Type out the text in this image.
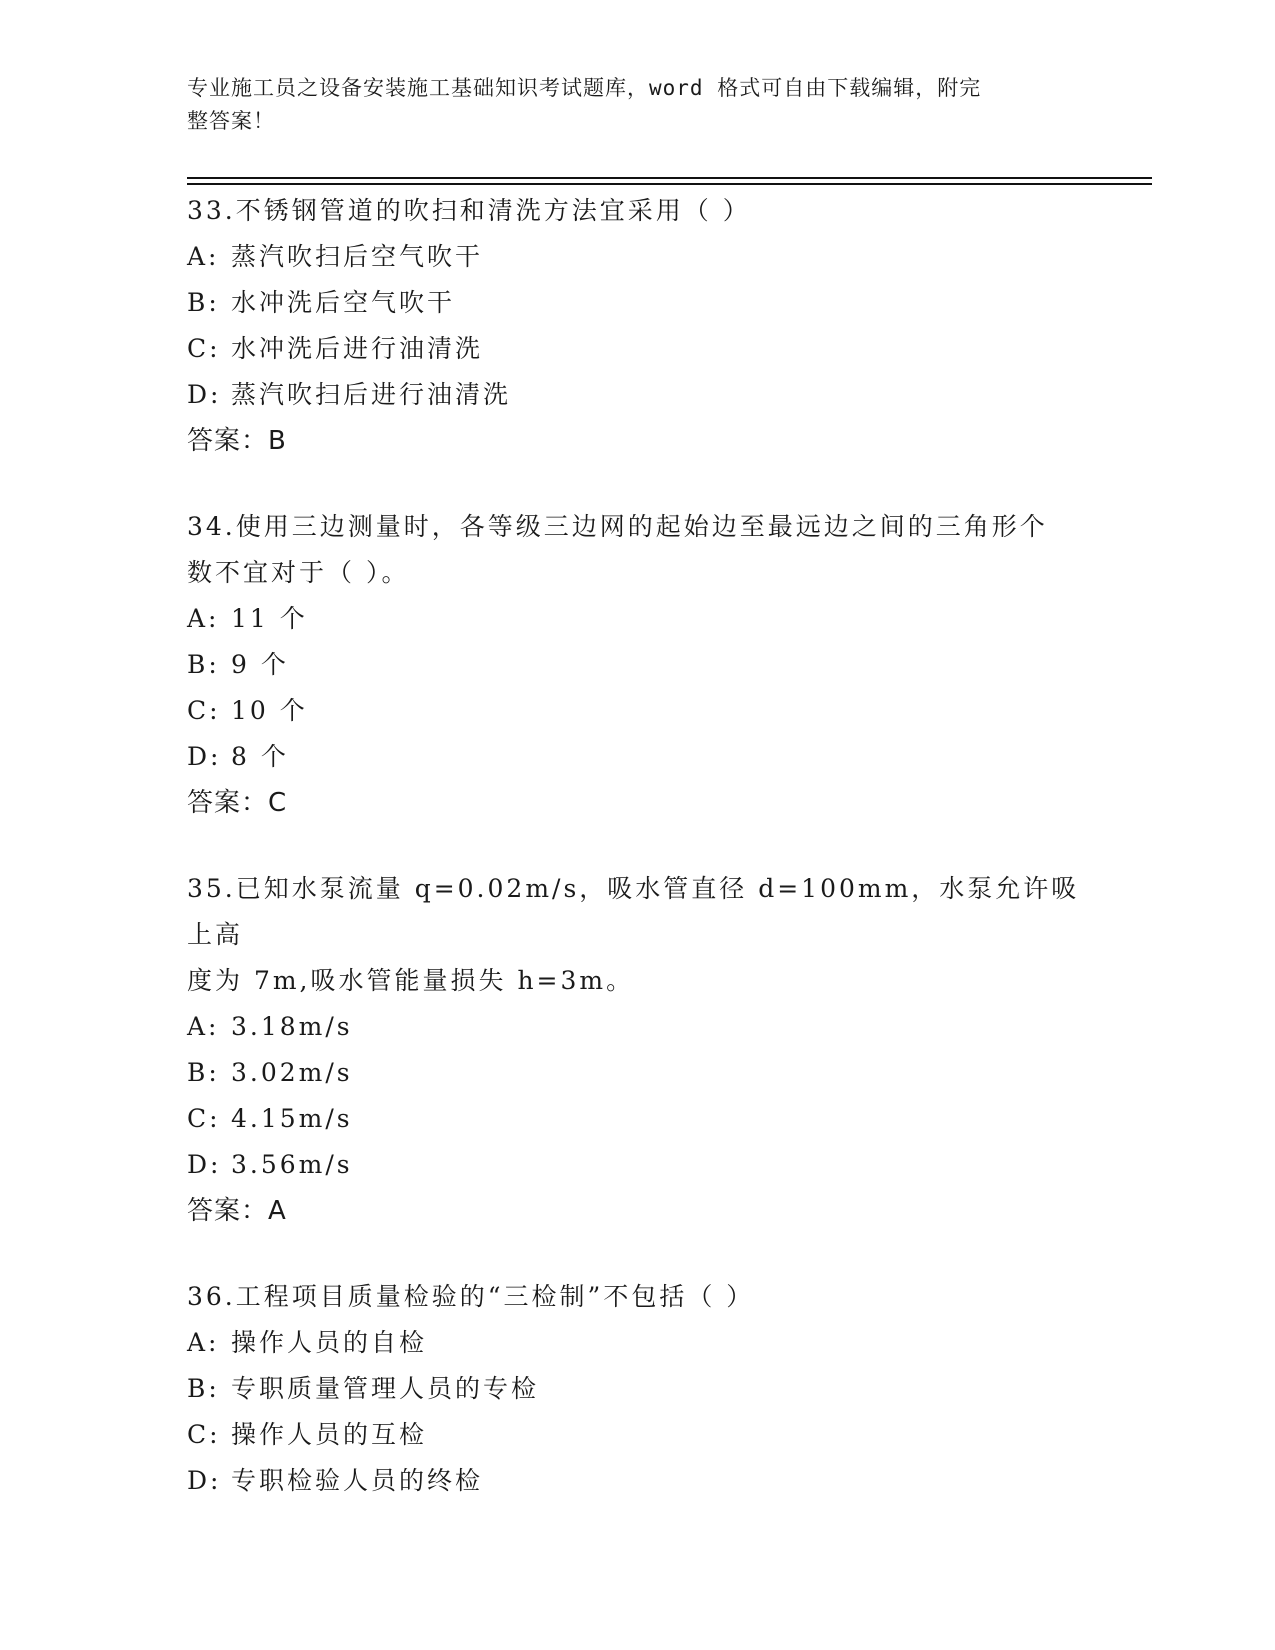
专业施工员之设备安装施工基础知识考试题库，word 格式可自由下载编辑，附完
整答案！
33.不锈钢管道的吹扫和清洗方法宜采用（ ）
A: 蒸汽吹扫后空气吹干
B: 水冲洗后空气吹干
C: 水冲洗后进行油清洗
D: 蒸汽吹扫后进行油清洗
答案：B
34.使用三边测量时，各等级三边网的起始边至最远边之间的三角形个
数不宜对于（ ）。
A: 11 个
B: 9 个
C: 10 个
D: 8 个
答案：C
35.已知水泵流量 q=0.02m/s，吸水管直径 d=100mm，水泵允许吸上高
度为 7m,吸水管能量损失 h=3m。
A: 3.18m/s
B: 3.02m/s
C: 4.15m/s
D: 3.56m/s
答案：A
36.工程项目质量检验的“三检制”不包括（ ）
A: 操作人员的自检
B: 专职质量管理人员的专检
C: 操作人员的互检
D: 专职检验人员的终检
